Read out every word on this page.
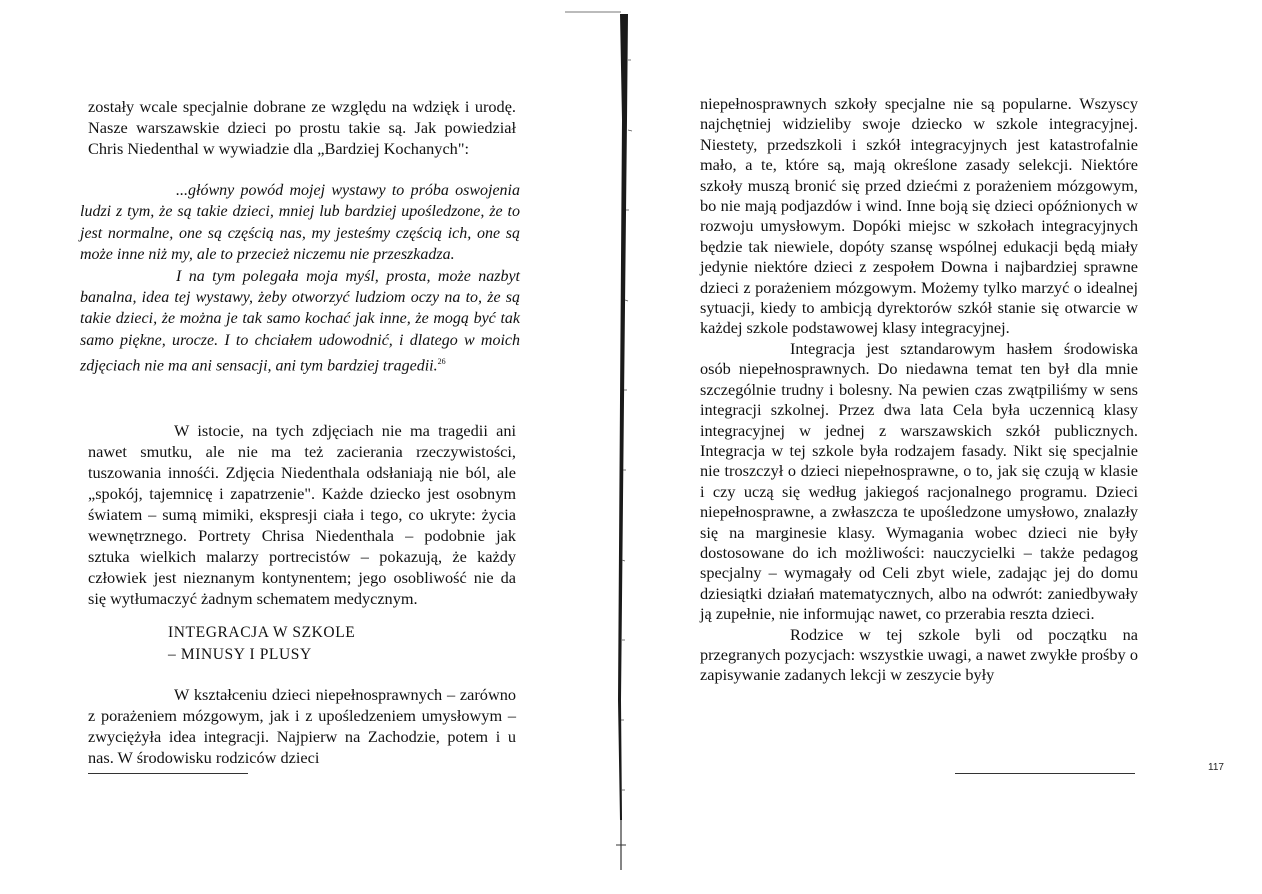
zostały wcale specjalnie dobrane ze względu na wdzięk i urodę. Nasze warszawskie dzieci po prostu takie są. Jak powiedział Chris Niedenthal w wywiadzie dla „Bardziej Kochanych":

...główny powód mojej wystawy to próba oswojenia ludzi z tym, że są takie dzieci, mniej lub bardziej upośledzone, że to jest normalne, one są częścią nas, my jesteśmy częścią ich, one są może inne niż my, ale to przecież niczemu nie przeszkadza.

I na tym polegała moja myśl, prosta, może nazbyt banalna, idea tej wystawy, żeby otworzyć ludziom oczy na to, że są takie dzieci, że można je tak samo kochać jak inne, że mogą być tak samo piękne, urocze. I to chciałem udowodnić, i dlatego w moich zdjęciach nie ma ani sensacji, ani tym bardziej tragedii.$^{26}$

W istocie, na tych zdjęciach nie ma tragedii ani nawet smutku, ale nie ma też zacierania rzeczywistości, tuszowania innośći. Zdjęcia Niedenthala odsłaniają nie ból, ale „spokój, tajemnicę i zapatrzenie". Każde dziecko jest osobnym światem – sumą mimiki, ekspresji ciała i tego, co ukryte: życia wewnętrznego. Portrety Chrisa Niedenthala – podobnie jak sztuka wielkich malarzy portrecistów – pokazują, że każdy człowiek jest nieznanym kontynentem; jego osobliwość nie da się wytłumaczyć żadnym schematem medycznym.

INTEGRACJA W SZKOLE
– MINUSY I PLUSY

W kształceniu dzieci niepełnosprawnych – zarówno z porażeniem mózgowym, jak i z upośledzeniem umysłowym – zwyciężyła idea integracji. Najpierw na Zachodzie, potem i u nas. W środowisku rodziców dzieci

niepełnosprawnych szkoły specjalne nie są popularne. Wszyscy najchętniej widzieliby swoje dziecko w szkole integracyjnej. Niestety, przedszkoli i szkół integracyjnych jest katastrofalnie mało, a te, które są, mają określone zasady selekcji. Niektóre szkoły muszą bronić się przed dziećmi z porażeniem mózgowym, bo nie mają podjazdów i wind. Inne boją się dzieci opóźnionych w rozwoju umysłowym. Dopóki miejsc w szkołach integracyjnych będzie tak niewiele, dopóty szansę wspólnej edukacji będą miały jedynie niektóre dzieci z zespołem Downa i najbardziej sprawne dzieci z porażeniem mózgowym. Możemy tylko marzyć o idealnej sytuacji, kiedy to ambicją dyrektorów szkół stanie się otwarcie w każdej szkole podstawowej klasy integracyjnej.

Integracja jest sztandarowym hasłem środowiska osób niepełnosprawnych. Do niedawna temat ten był dla mnie szczególnie trudny i bolesny. Na pewien czas zwątpiliśmy w sens integracji szkolnej. Przez dwa lata Cela była uczennicą klasy integracyjnej w jednej z warszawskich szkół publicznych. Integracja w tej szkole była rodzajem fasady. Nikt się specjalnie nie troszczył o dzieci niepełnosprawne, o to, jak się czują w klasie i czy uczą się według jakiegoś racjonalnego programu. Dzieci niepełnosprawne, a zwłaszcza te upośledzone umysłowo, znalazły się na marginesie klasy. Wymagania wobec dzieci nie były dostosowane do ich możliwości: nauczycielki – także pedagog specjalny – wymagały od Celi zbyt wiele, zadając jej do domu dziesiątki działań matematycznych, albo na odwrót: zaniedbywały ją zupełnie, nie informując nawet, co przerabia reszta dzieci.

Rodzice w tej szkole byli od początku na przegranych pozycjach: wszystkie uwagi, a nawet zwykłe prośby o zapisywanie zadanych lekcji w zeszycie były

117
